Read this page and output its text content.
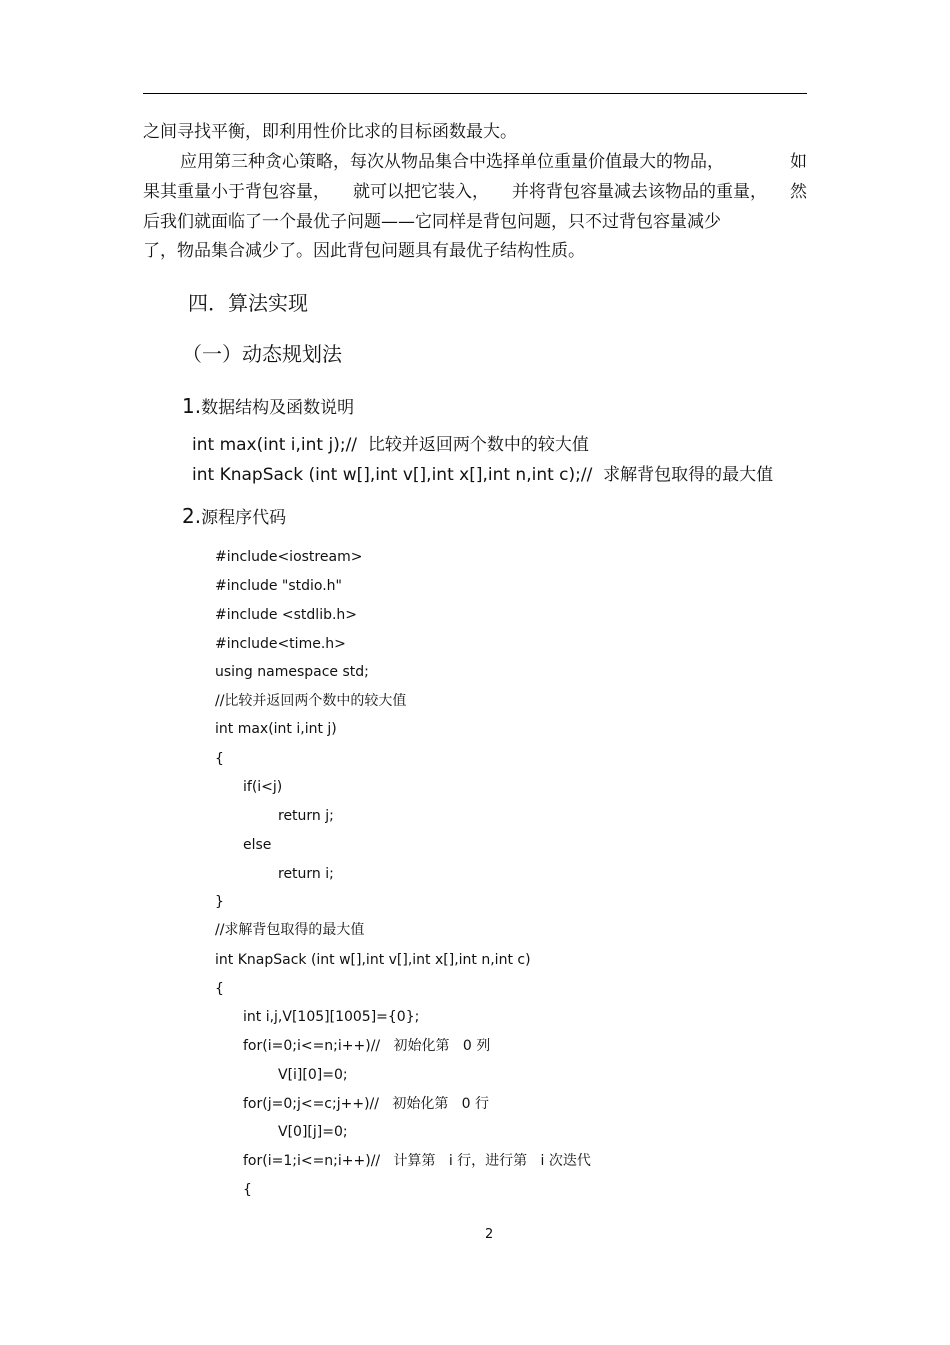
之间寻找平衡，即利用性价比求的目标函数最大。
应用第三种贪心策略，每次从物品集合中选择单位重量价值最大的物品，	如
果其重量小于背包容量， 就可以把它装入， 并将背包容量减去该物品的重量， 然
后我们就面临了一个最优子问题——它同样是背包问题，只不过背包容量减少
了，物品集合减少了。因此背包问题具有最优子结构性质。
四．算法实现
（一）动态规划法
1.数据结构及函数说明
int max(int i,int j);//  比较并返回两个数中的较大值
int KnapSack (int w[],int v[],int x[],int n,int c);//  求解背包取得的最大值
2.源程序代码
#include<iostream>
#include "stdio.h"
#include <stdlib.h>
#include<time.h>
using namespace std;
//比较并返回两个数中的较大值
int max(int i,int j)
{
if(i<j)
return j;
else
return i;
}
//求解背包取得的最大值
int KnapSack (int w[],int v[],int x[],int n,int c)
{
int i,j,V[105][1005]={0};
for(i=0;i<=n;i++)//   初始化第   0 列
V[i][0]=0;
for(j=0;j<=c;j++)//   初始化第   0 行
V[0][j]=0;
for(i=1;i<=n;i++)//   计算第   i 行，进行第   i 次迭代
{
2
